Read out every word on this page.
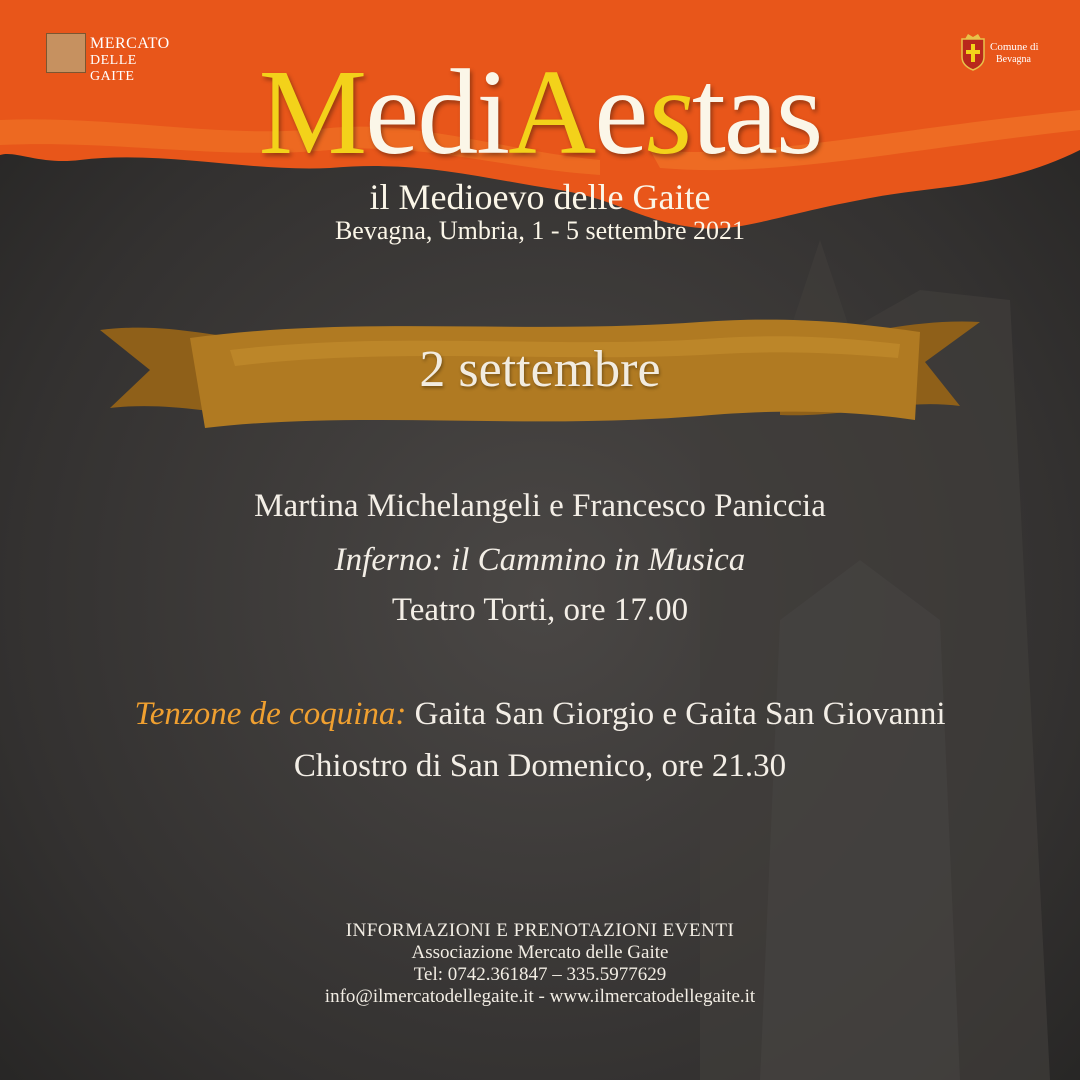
MERCATO
DELLE GAITE
Comune di
Bevagna
MediAestas
il Medioevo delle Gaite
Bevagna, Umbria, 1 - 5 settembre 2021
2 settembre
Martina Michelangeli e Francesco Paniccia
Inferno: il Cammino in Musica
Teatro Torti, ore 17.00
Tenzone de coquina: Gaita San Giorgio e Gaita San Giovanni
Chiostro di San Domenico, ore 21.30
INFORMAZIONI E PRENOTAZIONI EVENTI
Associazione Mercato delle Gaite
Tel: 0742.361847 – 335.5977629
info@ilmercatodellegaite.it - www.ilmercatodellegaite.it
